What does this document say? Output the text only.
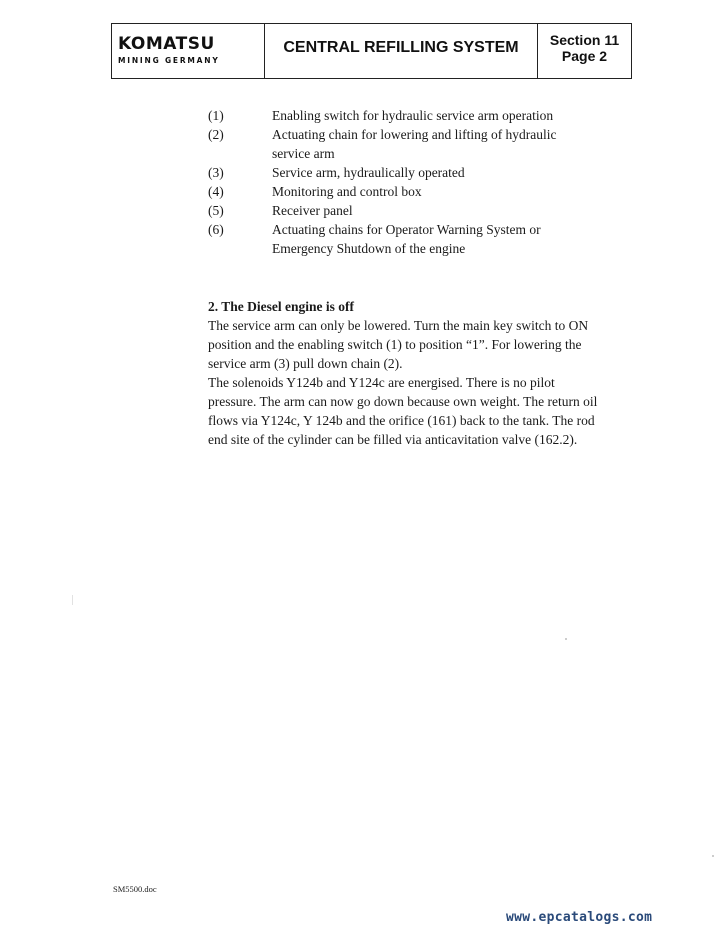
KOMATSU
MINING GERMANY
CENTRAL REFILLING SYSTEM Section 11
Page 2
(1)	Enabling switch for hydraulic service arm operation
(2)	Actuating chain for lowering and lifting of hydraulic service arm
(3)	Service arm, hydraulically operated
(4)	Monitoring and control box
(5)	Receiver panel
(6)	Actuating chains for Operator Warning System or Emergency Shutdown of the engine
2. The Diesel engine is off

The service arm can only be lowered. Turn the main key switch to ON position and the enabling switch (1) to position “1”. For lowering the service arm (3) pull down chain (2).

The solenoids Y124b and Y124c are energised. There is no pilot pressure. The arm can now go down because own weight. The return oil flows via Y124c, Y 124b and the orifice (161) back to the tank. The rod end site of the cylinder can be filled via anticavitation valve (162.2).

SM5500.doc
www.epcatalogs.com
